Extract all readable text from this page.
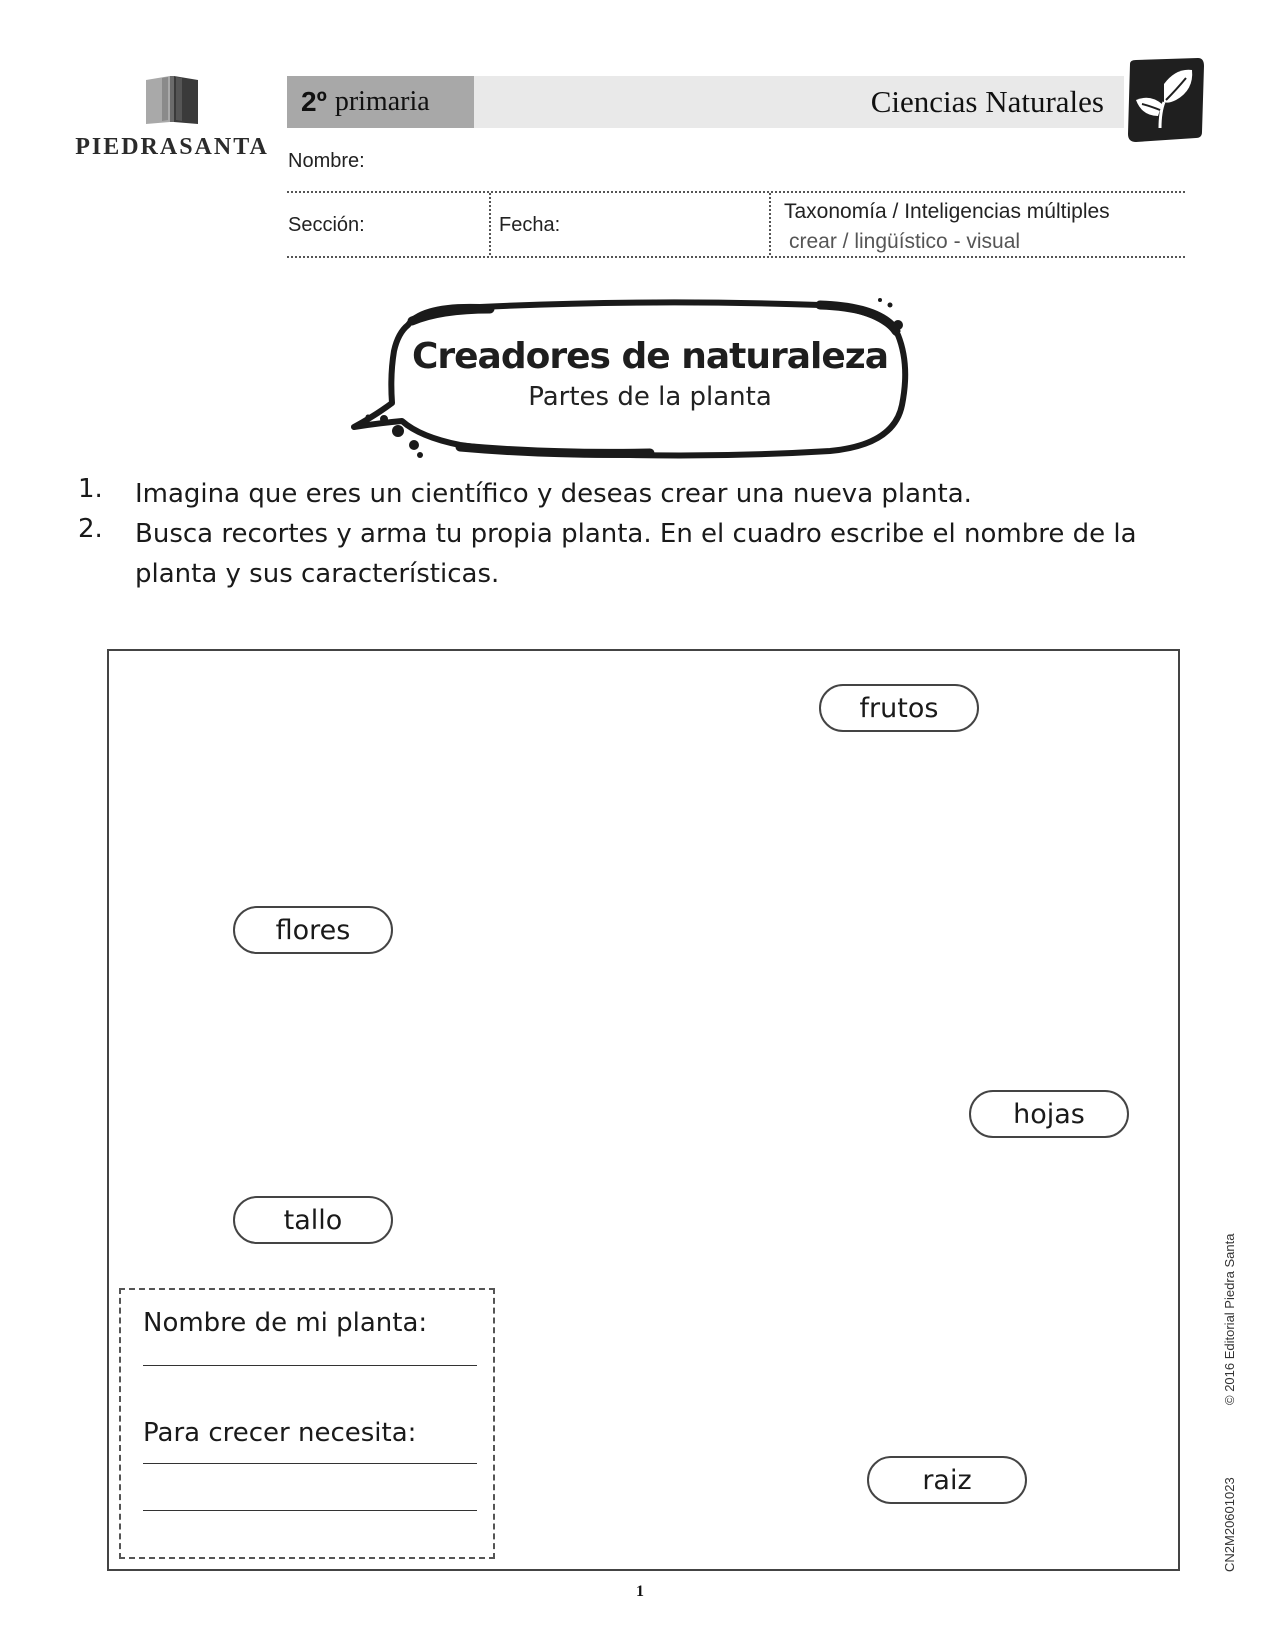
PIEDRASANTA
2º primaria	Ciencias Naturales
Nombre:
Sección:	Fecha:
Taxonomía / Inteligencias múltiples
crear / lingüístico - visual
Creadores de naturaleza
Partes de la planta
1.	Imagina que eres un científico y deseas crear una nueva planta.
2.	Busca recortes y arma tu propia planta. En el cuadro escribe el nombre de la planta y sus características.
frutos
flores
hojas
tallo
raiz
Nombre de mi planta:
Para crecer necesita:
© 2016 Editorial Piedra Santa
CN2M20601023
1
